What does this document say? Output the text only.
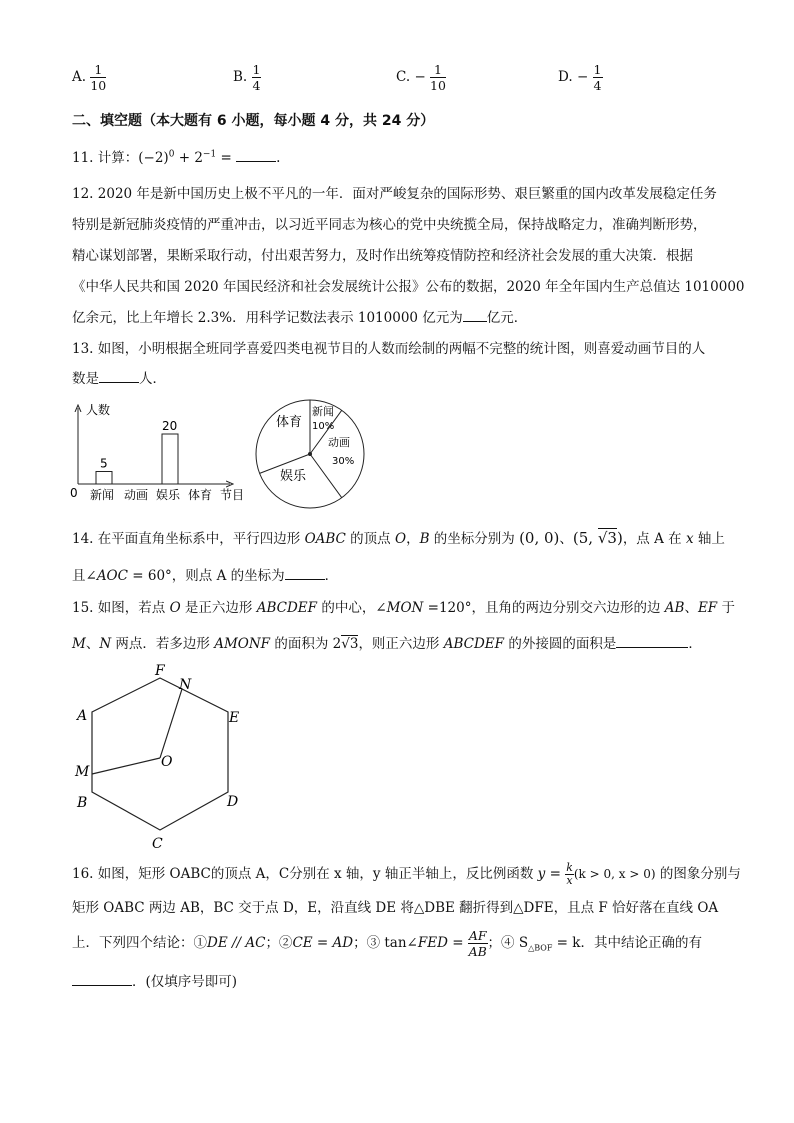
A. $\frac{1}{10}$	B. $\frac{1}{4}$	C. − $\frac{1}{10}$	D. − $\frac{1}{4}$
二、填空题（本大题有 6 小题，每小题 4 分，共 24 分）
11. 计算：$(-2)^0 + 2^{-1}$ =	.
12. 2020 年是新中国历史上极不平凡的一年．面对严峻复杂的国际形势、艰巨繁重的国内改革发展稳定任务
特别是新冠肺炎疫情的严重冲击，以习近平同志为核心的党中央统揽全局，保持战略定力，准确判断形势，
精心谋划部署，果断采取行动，付出艰苦努力，及时作出统筹疫情防控和经济社会发展的重大决策．根据
《中华人民共和国 2020 年国民经济和社会发展统计公报》公布的数据，2020 年全年国内生产总值达 1010000
亿余元，比上年增长 2.3%．用科学记数法表示 1010000 亿元为 亿元．
13. 如图，小明根据全班同学喜爱四类电视节目的人数而绘制的两幅不完整的统计图，则喜爱动画节目的人
数是	人．
人数
0 新闻
5
动画 娱乐
20
体育 节目
新闻
10%
动画
30%
娱乐
体育
14. 在平面直角坐标系中，平行四边形 OABC 的顶点 O，B 的坐标分别为 (0, 0)、(5, √3)，点 A 在 x 轴上
且∠AOC = 60°，则点 A 的坐标为	．
15. 如图，若点 O 是正六边形 ABCDEF 的中心，∠MON =120°，且角的两边分别交六边形的边 AB、EF 于
M、N 两点．若多边形 AMONF 的面积为 2√3，则正六边形 ABCDEF 的外接圆的面积是	．
F
N
A	E
M
O
B	D
C
16. 如图，矩形 OABC的顶点 A，C分别在 x 轴，y 轴正半轴上，反比例函数 $y = \frac{k}{x} (k > 0$, x > 0) 的图象分别与
矩形 OABC 两边 AB，BC 交于点 D，E，沿直线 DE 将△DBE 翻折得到△DFE，且点 F 恰好落在直线 OA
上．下列四个结论：①DE // AC；②CE = AD；③ tan∠FED = $\frac{AF}{AB}$ ；④ $S_{\triangle BOF} = k$．其中结论正确的有
．(仅填序号即可)
